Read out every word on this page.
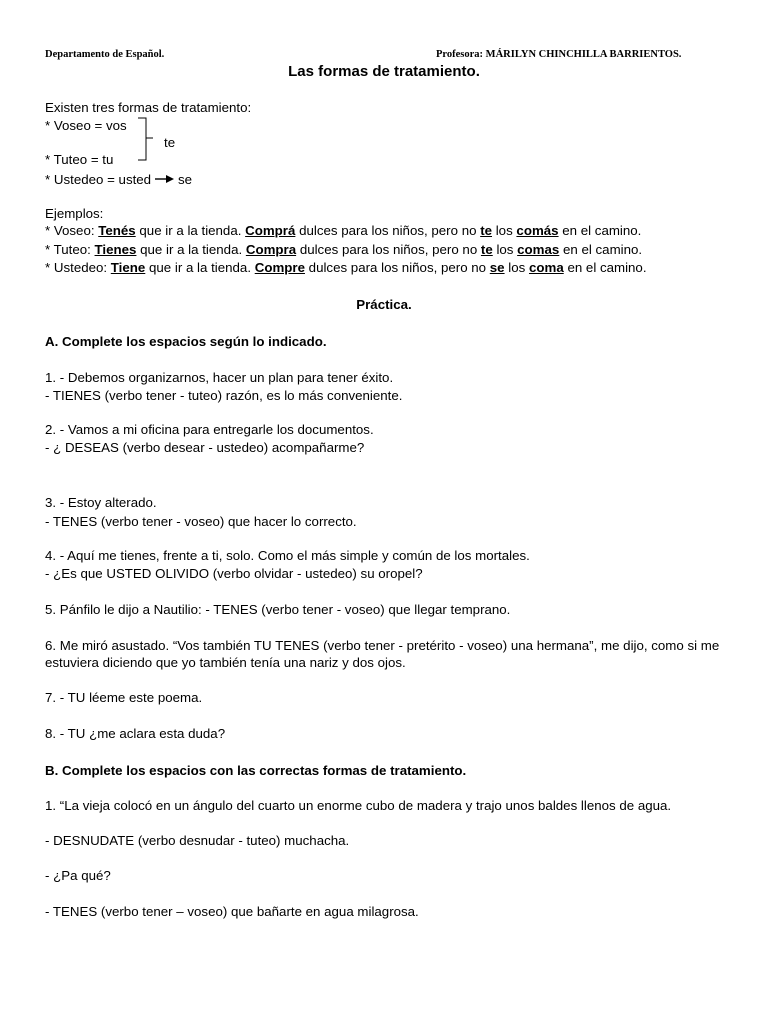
Departamento de Español.	Profesora: MÁRILYN CHINCHILLA BARRIENTOS.
Las formas de tratamiento.
Existen tres formas de tratamiento:
* Voseo = vos
* Tuteo = tu
* Ustedeo = usted
te
se
Ejemplos:
* Voseo: Tenés que ir a la tienda. Comprá dulces para los niños, pero no te los comás en el camino.
* Tuteo: Tienes que ir a la tienda. Compra dulces para los niños, pero no te los comas en el camino.
* Ustedeo: Tiene que ir a la tienda. Compre dulces para los niños, pero no se los coma en el camino.
Práctica.
A. Complete los espacios según lo indicado.
1. - Debemos organizarnos, hacer un plan para tener éxito.
- TIENES (verbo tener - tuteo) razón, es lo más conveniente.
2. - Vamos a mi oficina para entregarle los documentos.
- ¿ DESEAS (verbo desear - ustedeo) acompañarme?
3. - Estoy alterado.
- TENES (verbo tener - voseo) que hacer lo correcto.
4. - Aquí me tienes, frente a ti, solo. Como el más simple y común de los mortales.
- ¿Es que USTED OLIVIDO (verbo olvidar - ustedeo) su oropel?
5. Pánfilo le dijo a Nautilio: - TENES (verbo tener - voseo) que llegar temprano.
6. Me miró asustado. “Vos también TU TENES (verbo tener - pretérito - voseo) una hermana”, me dijo, como si me
estuviera diciendo que yo también tenía una nariz y dos ojos.
7. - TU léeme este poema.
8. - TU ¿me aclara esta duda?
B. Complete los espacios con las correctas formas de tratamiento.
1. “La vieja colocó en un ángulo del cuarto un enorme cubo de madera y trajo unos baldes llenos de agua.
- DESNUDATE (verbo desnudar - tuteo) muchacha.
- ¿Pa qué?
- TENES (verbo tener – voseo) que bañarte en agua milagrosa.
